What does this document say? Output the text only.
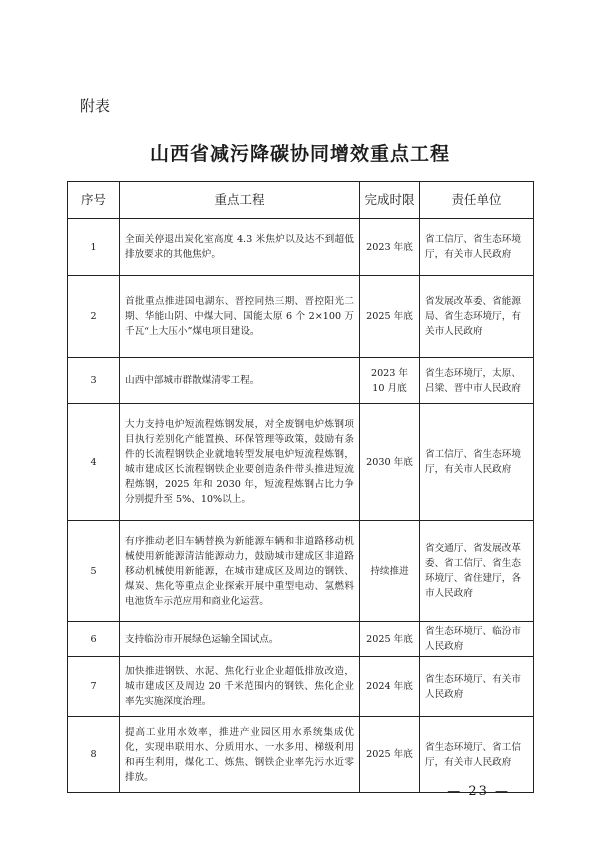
附表
山西省减污降碳协同增效重点工程
序号	重点工程	完成时限	责任单位
1	全面关停退出炭化室高度 4.3 米焦炉以及达不到超低排放要求的其他焦炉。	2023 年底	省工信厅、省生态环境厅，有关市人民政府
2	首批重点推进国电湖东、晋控同热三期、晋控阳光二期、华能山阴、中煤大同、国能太原 6 个 2×100 万千瓦“上大压小”煤电项目建设。	2025 年底	省发展改革委、省能源局、省生态环境厅，有关市人民政府
3	山西中部城市群散煤清零工程。	2023 年 10 月底	省生态环境厅，太原、吕梁、晋中市人民政府
4	大力支持电炉短流程炼钢发展，对全废钢电炉炼钢项目执行差别化产能置换、环保管理等政策，鼓励有条件的长流程钢铁企业就地转型发展电炉短流程炼钢，城市建成区长流程钢铁企业要创造条件带头推进短流程炼钢，2025 年和 2030 年，短流程炼钢占比力争分别提升至 5%、10%以上。	2030 年底	省工信厅、省生态环境厅，有关市人民政府
5	有序推动老旧车辆替换为新能源车辆和非道路移动机械使用新能源清洁能源动力，鼓励城市建成区非道路移动机械使用新能源，在城市建成区及周边的钢铁、煤炭、焦化等重点企业探索开展中重型电动、氢燃料电池货车示范应用和商业化运营。	持续推进	省交通厅、省发展改革委、省工信厅、省生态环境厅、省住建厅，各市人民政府
6	支持临汾市开展绿色运输全国试点。	2025 年底	省生态环境厅、临汾市人民政府
7	加快推进钢铁、水泥、焦化行业企业超低排放改造，城市建成区及周边 20 千米范围内的钢铁、焦化企业率先实施深度治理。	2024 年底	省生态环境厅、有关市人民政府
8	提高工业用水效率，推进产业园区用水系统集成优化，实现串联用水、分质用水、一水多用、梯级利用和再生利用，煤化工、炼焦、钢铁企业率先污水近零排放。	2025 年底	省生态环境厅、省工信厅，有关市人民政府
— 23 —
